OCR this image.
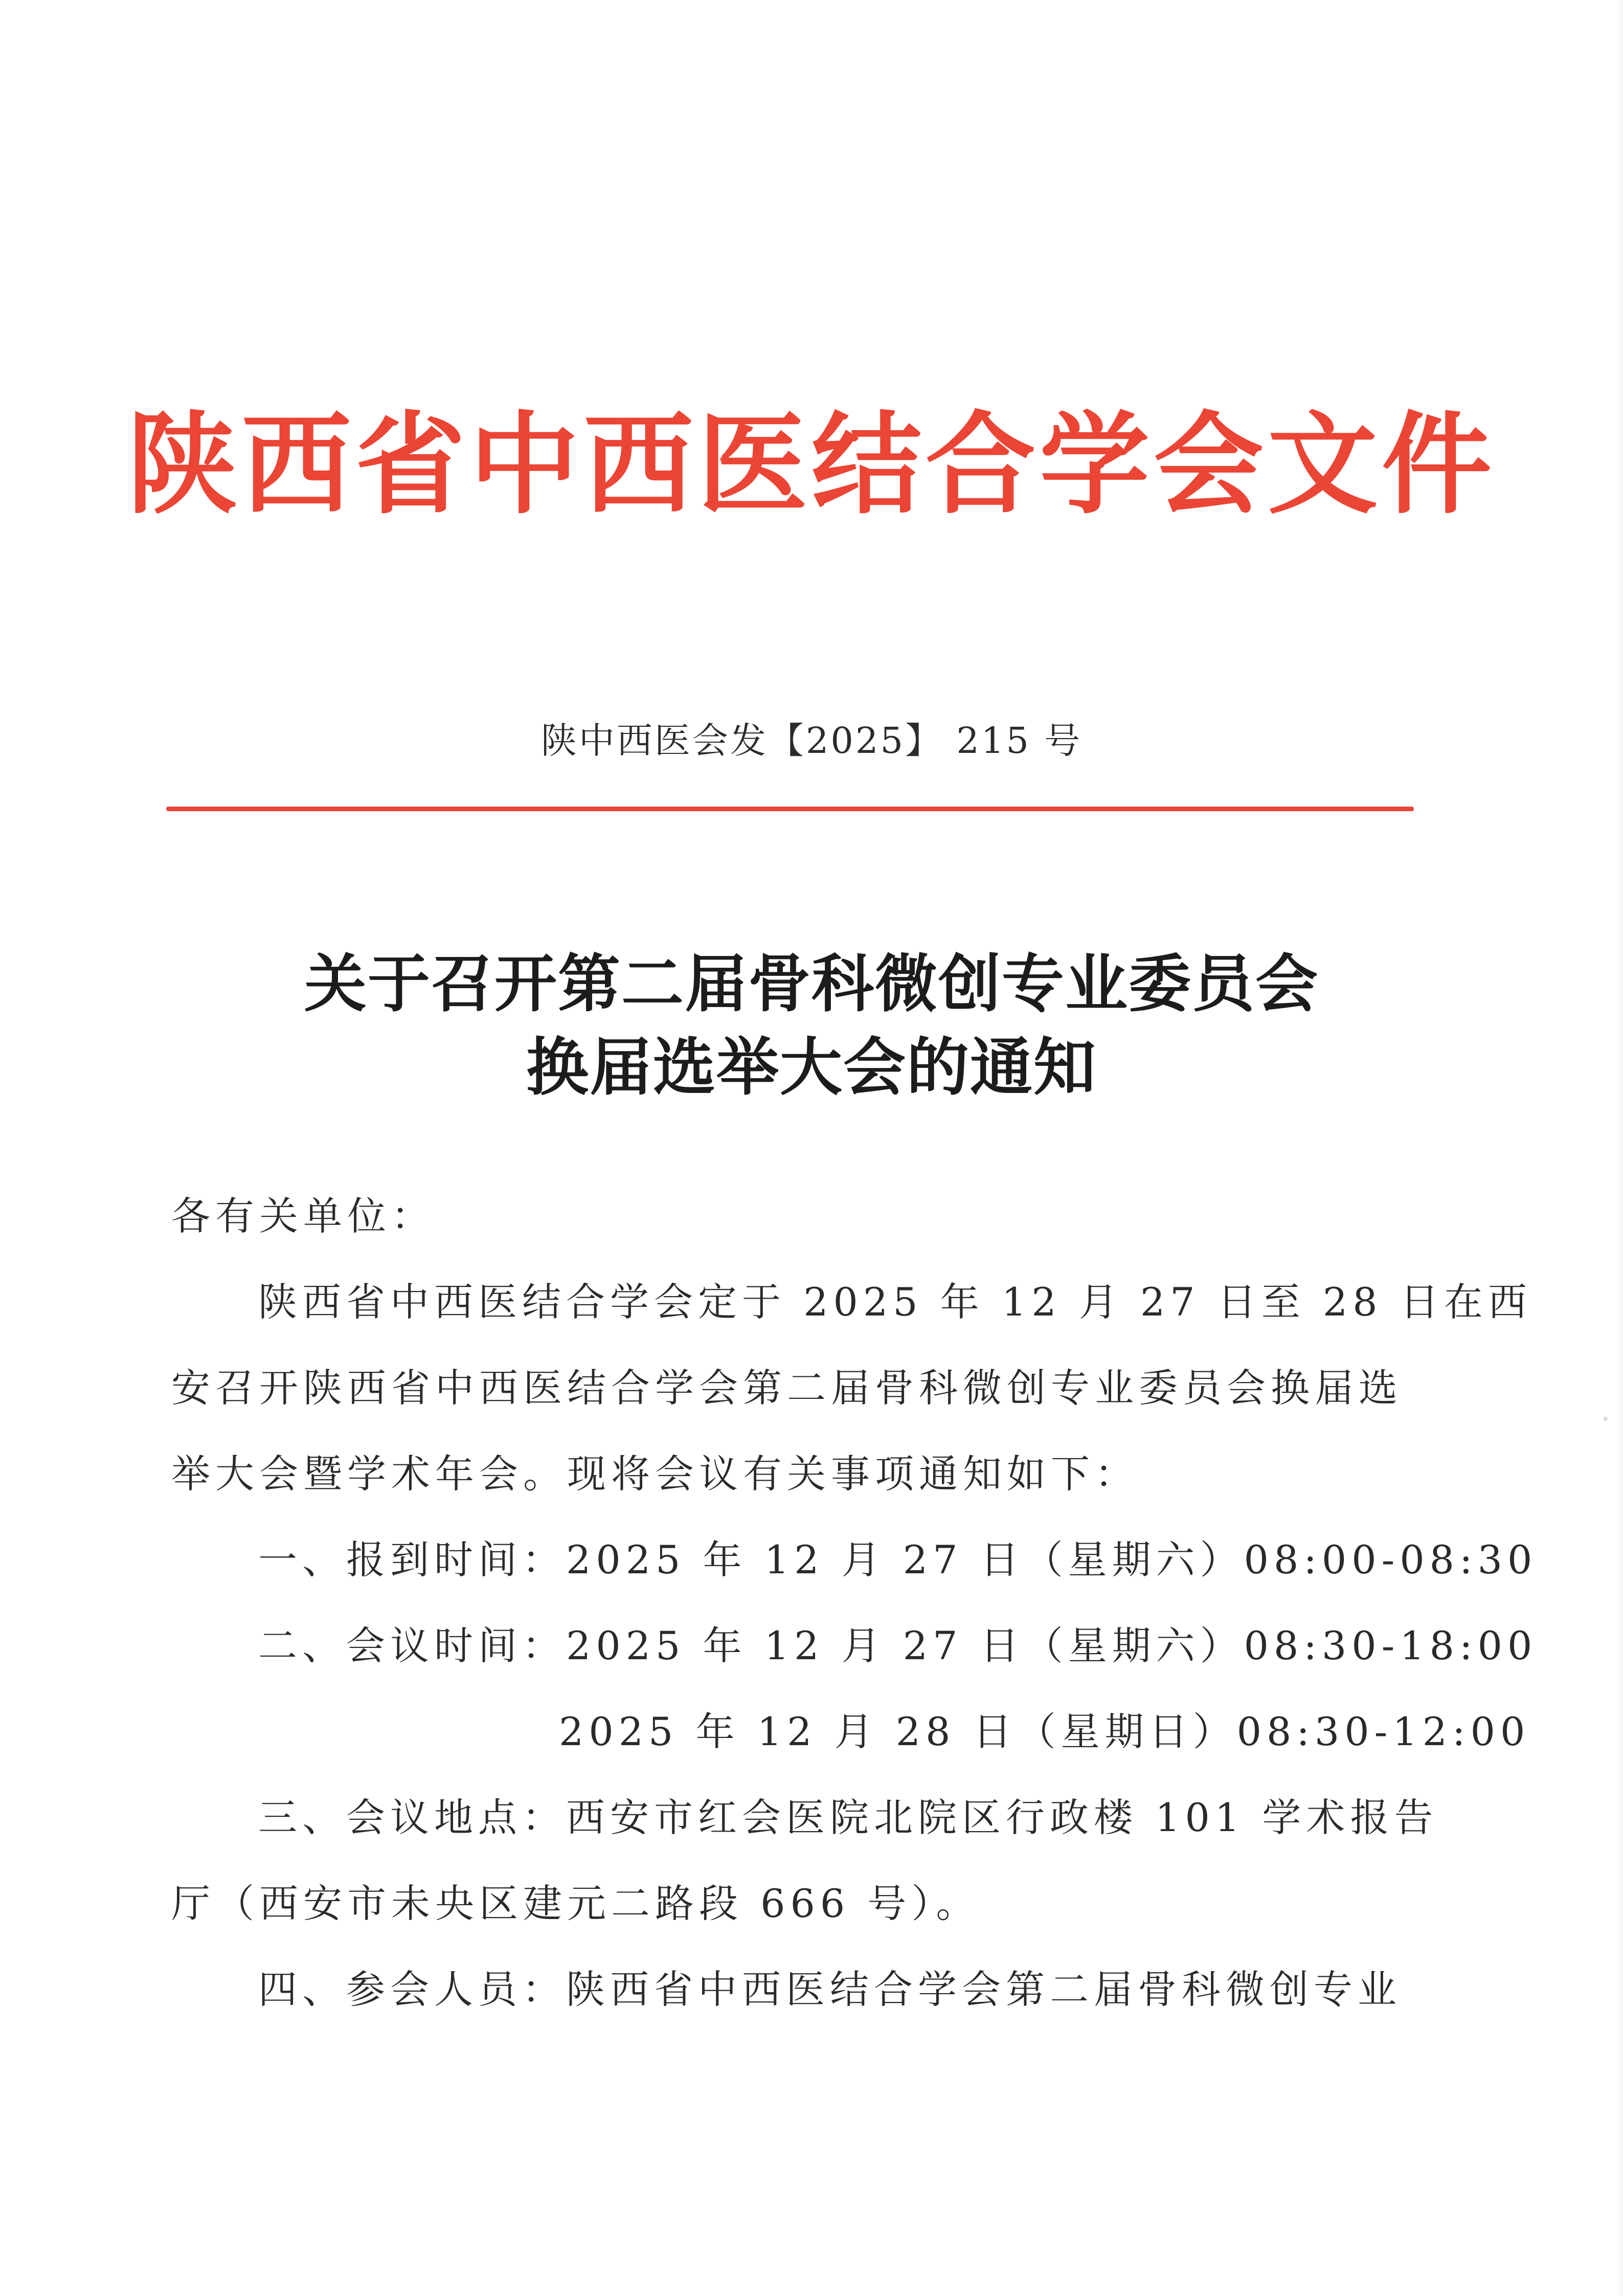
陕西省中西医结合学会文件
陕中西医会发【2025】 215 号
关于召开第二届骨科微创专业委员会
换届选举大会的通知
各有关单位：
陕西省中西医结合学会定于 2025 年 12 月 27 日至 28 日在西
安召开陕西省中西医结合学会第二届骨科微创专业委员会换届选
举大会暨学术年会。现将会议有关事项通知如下：
一、报到时间：2025 年 12 月 27 日（星期六）08:00-08:30
二、会议时间：2025 年 12 月 27 日（星期六）08:30-18:00
2025 年 12 月 28 日（星期日）08:30-12:00
三、会议地点：西安市红会医院北院区行政楼 101 学术报告
厅（西安市未央区建元二路段 666 号）。
四、参会人员：陕西省中西医结合学会第二届骨科微创专业
